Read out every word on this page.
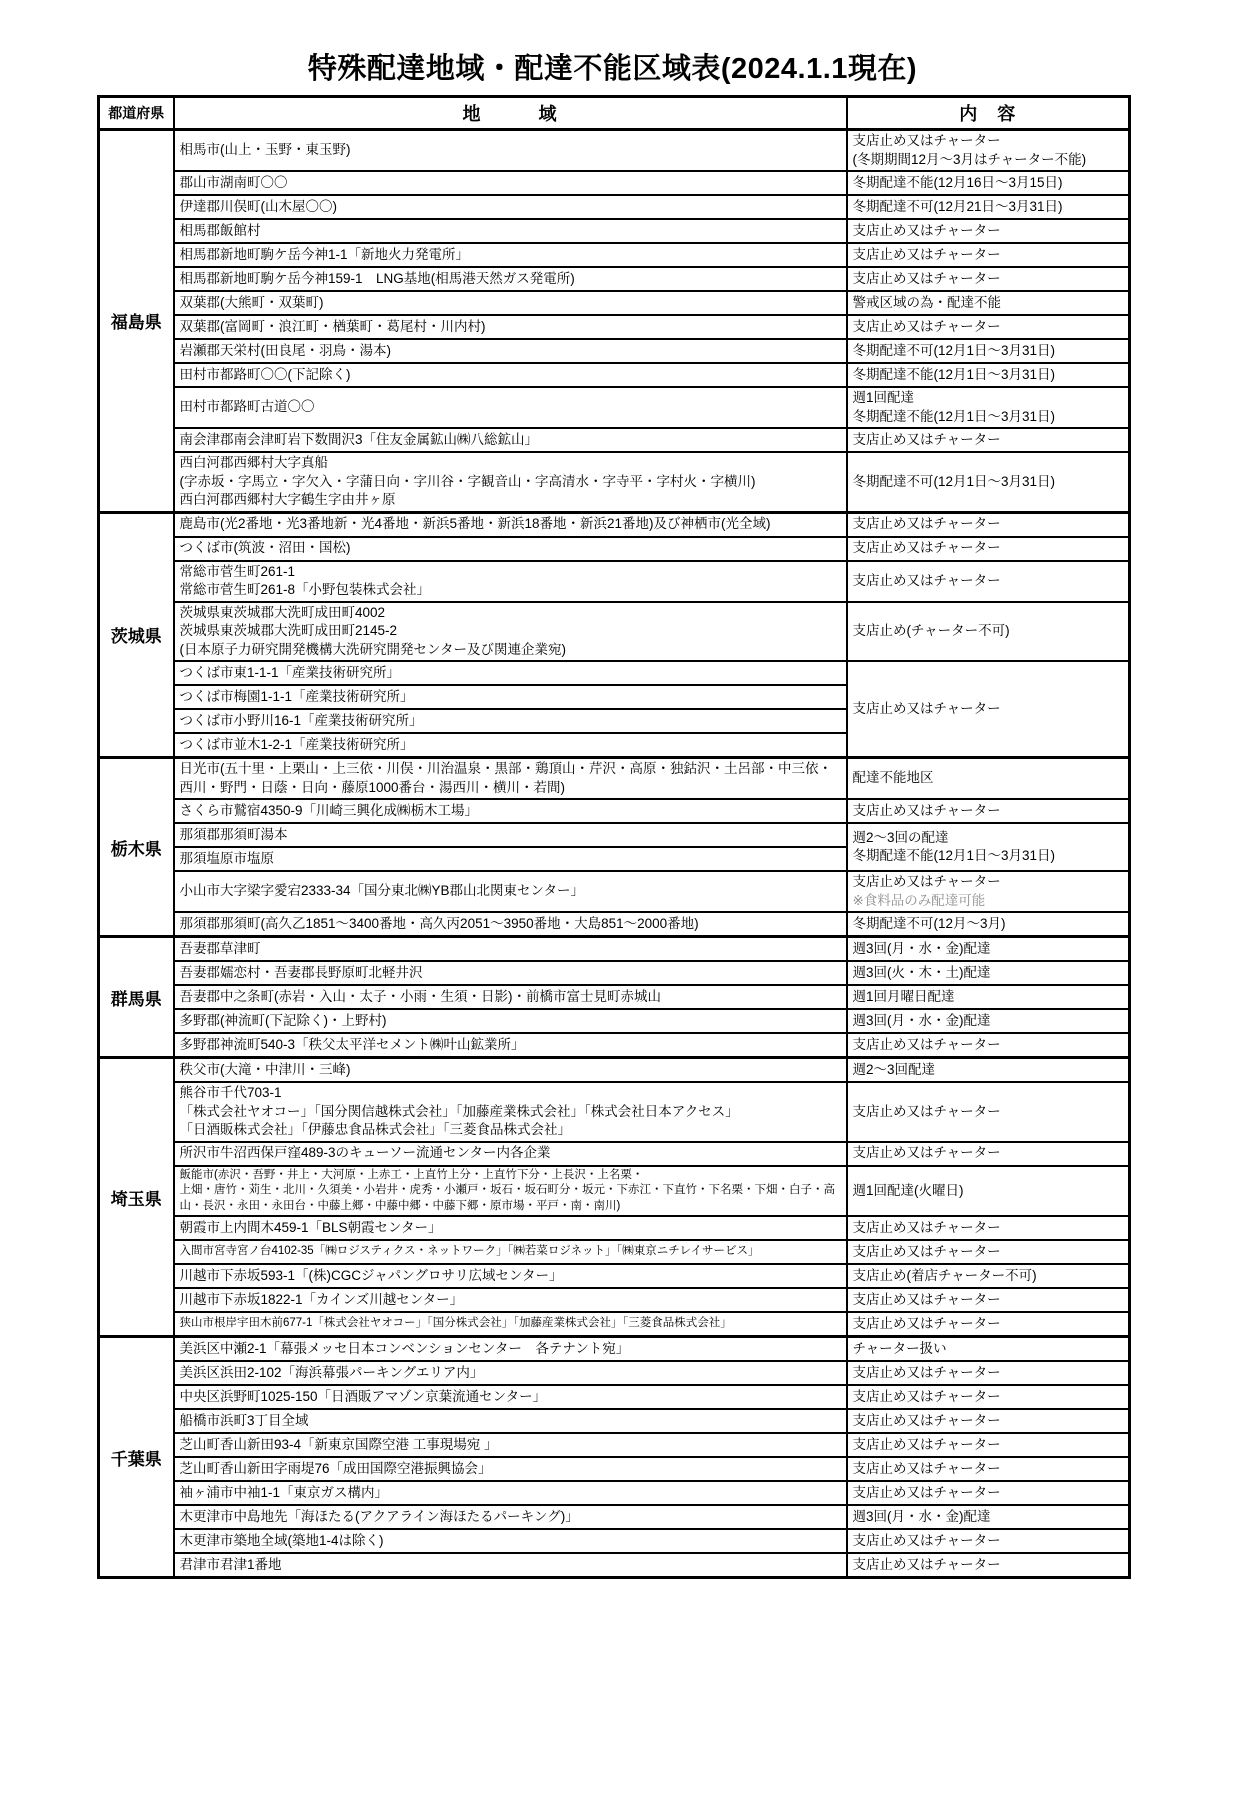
特殊配達地域・配達不能区域表(2024.1.1現在)
都道府県	地　　　域	内　容
福島県	相馬市(山上・玉野・東玉野)	支店止め又はチャーター
(冬期期間12月～3月はチャーター不能)

	郡山市湖南町〇〇	冬期配達不能(12月16日～3月15日)

	伊達郡川俣町(山木屋〇〇)	冬期配達不可(12月21日～3月31日)

	相馬郡飯館村	支店止め又はチャーター

	相馬郡新地町駒ケ岳今神1-1「新地火力発電所」	支店止め又はチャーター

	相馬郡新地町駒ケ岳今神159-1　LNG基地(相馬港天然ガス発電所)	支店止め又はチャーター

	双葉郡(大熊町・双葉町)	警戒区域の為・配達不能

	双葉郡(富岡町・浪江町・楢葉町・葛尾村・川内村)	支店止め又はチャーター

	岩瀬郡天栄村(田良尾・羽鳥・湯本)	冬期配達不可(12月1日～3月31日)

	田村市都路町〇〇(下記除く)	冬期配達不能(12月1日～3月31日)

	田村市都路町古道〇〇	週1回配達
冬期配達不能(12月1日～3月31日)

	南会津郡南会津町岩下数間沢3「住友金属鉱山㈱八総鉱山」	支店止め又はチャーター

	西白河郡西郷村大字真船
(字赤坂・字馬立・字欠入・字蒲日向・字川谷・字観音山・字高清水・字寺平・字村火・字横川)
西白河郡西郷村大字鶴生字由井ヶ原	冬期配達不可(12月1日～3月31日)

茨城県	鹿島市(光2番地・光3番地新・光4番地・新浜5番地・新浜18番地・新浜21番地)及び神栖市(光全域)	支店止め又はチャーター

	つくば市(筑波・沼田・国松)	支店止め又はチャーター

	常総市菅生町261-1
常総市菅生町261-8「小野包装株式会社」	支店止め又はチャーター

	茨城県東茨城郡大洗町成田町4002
茨城県東茨城郡大洗町成田町2145-2
(日本原子力研究開発機構大洗研究開発センター及び関連企業宛)	支店止め(チャーター不可)

	つくば市東1-1-1「産業技術研究所」	支店止め又はチャーター

	つくば市梅園1-1-1「産業技術研究所」	

	つくば市小野川16-1「産業技術研究所」	

	つくば市並木1-2-1「産業技術研究所」	

栃木県	日光市(五十里・上栗山・上三依・川俣・川治温泉・黒部・鶏頂山・芹沢・高原・独鈷沢・土呂部・中三依・西川・野門・日蔭・日向・藤原1000番台・湯西川・横川・若間)	配達不能地区

	さくら市鷲宿4350-9「川崎三興化成㈱栃木工場」	支店止め又はチャーター

	那須郡那須町湯本	週2～3回の配達
冬期配達不能(12月1日～3月31日)

	那須塩原市塩原	

	小山市大字梁字愛宕2333-34「国分東北㈱YB郡山北関東センター」	支店止め又はチャーター
※食料品のみ配達可能

	那須郡那須町(高久乙1851～3400番地・高久丙2051～3950番地・大島851～2000番地)	冬期配達不可(12月～3月)

群馬県	吾妻郡草津町	週3回(月・水・金)配達

	吾妻郡嬬恋村・吾妻郡長野原町北軽井沢	週3回(火・木・土)配達

	吾妻郡中之条町(赤岩・入山・太子・小雨・生須・日影)・前橋市富士見町赤城山	週1回月曜日配達

	多野郡(神流町(下記除く)・上野村)	週3回(月・水・金)配達

	多野郡神流町540-3「秩父太平洋セメント㈱叶山鉱業所」	支店止め又はチャーター

埼玉県	秩父市(大滝・中津川・三峰)	週2～3回配達

	熊谷市千代703-1
「株式会社ヤオコー」「国分関信越株式会社」「加藤産業株式会社」「株式会社日本アクセス」
「日酒販株式会社」「伊藤忠食品株式会社」「三菱食品株式会社」	支店止め又はチャーター

	所沢市牛沼西保戸窪489-3のキューソー流通センター内各企業	支店止め又はチャーター

	飯能市(赤沢・吾野・井上・大河原・上赤工・上直竹上分・上直竹下分・上長沢・上名栗・
上畑・唐竹・苅生・北川・久須美・小岩井・虎秀・小瀬戸・坂石・坂石町分・坂元・下赤江・下直竹・下名栗・下畑・白子・高山・長沢・永田・永田台・中藤上郷・中藤中郷・中藤下郷・原市場・平戸・南・南川)	週1回配達(火曜日)

	朝霞市上内間木459-1「BLS朝霞センター」	支店止め又はチャーター

	入間市宮寺宮ノ台4102-35「㈱ロジスティクス・ネットワーク」「㈱若菜ロジネット」「㈱東京ニチレイサービス」	支店止め又はチャーター

	川越市下赤坂593-1「(株)CGCジャパングロサリ広域センター」	支店止め(着店チャーター不可)

	川越市下赤坂1822-1「カインズ川越センター」	支店止め又はチャーター

	狭山市根岸宇田木前677-1「株式会社ヤオコー」「国分株式会社」「加藤産業株式会社」「三菱食品株式会社」	支店止め又はチャーター

千葉県	美浜区中瀬2-1「幕張メッセ日本コンベンションセンター　各テナント宛」	チャーター扱い

	美浜区浜田2-102「海浜幕張パーキングエリア内」	支店止め又はチャーター

	中央区浜野町1025-150「日酒販アマゾン京葉流通センター」	支店止め又はチャーター

	船橋市浜町3丁目全域	支店止め又はチャーター

	芝山町香山新田93-4「新東京国際空港 工事現場宛 」	支店止め又はチャーター

	芝山町香山新田字雨堤76「成田国際空港振興協会」	支店止め又はチャーター

	袖ヶ浦市中袖1-1「東京ガス構内」	支店止め又はチャーター

	木更津市中島地先「海ほたる(アクアライン海ほたるパーキング)」	週3回(月・水・金)配達

	木更津市築地全域(築地1-4は除く)	支店止め又はチャーター

	君津市君津1番地	支店止め又はチャーター
